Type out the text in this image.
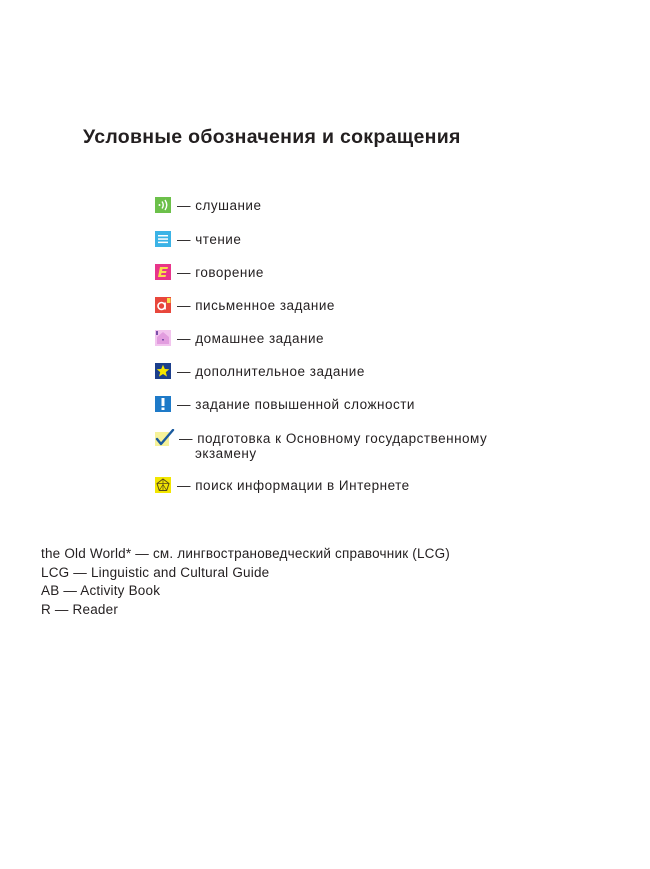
Условные обозначения и сокращения
— слушание
— чтение
— говорение
— письменное задание
— домашнее задание
— дополнительное задание
— задание повышенной сложности
— подготовка к Основному государственному
экзамену
— поиск информации в Интернете
the Old World* — см. лингвострановедческий справочник (LCG)
LCG — Linguistic and Cultural Guide
AB — Activity Book
R — Reader
